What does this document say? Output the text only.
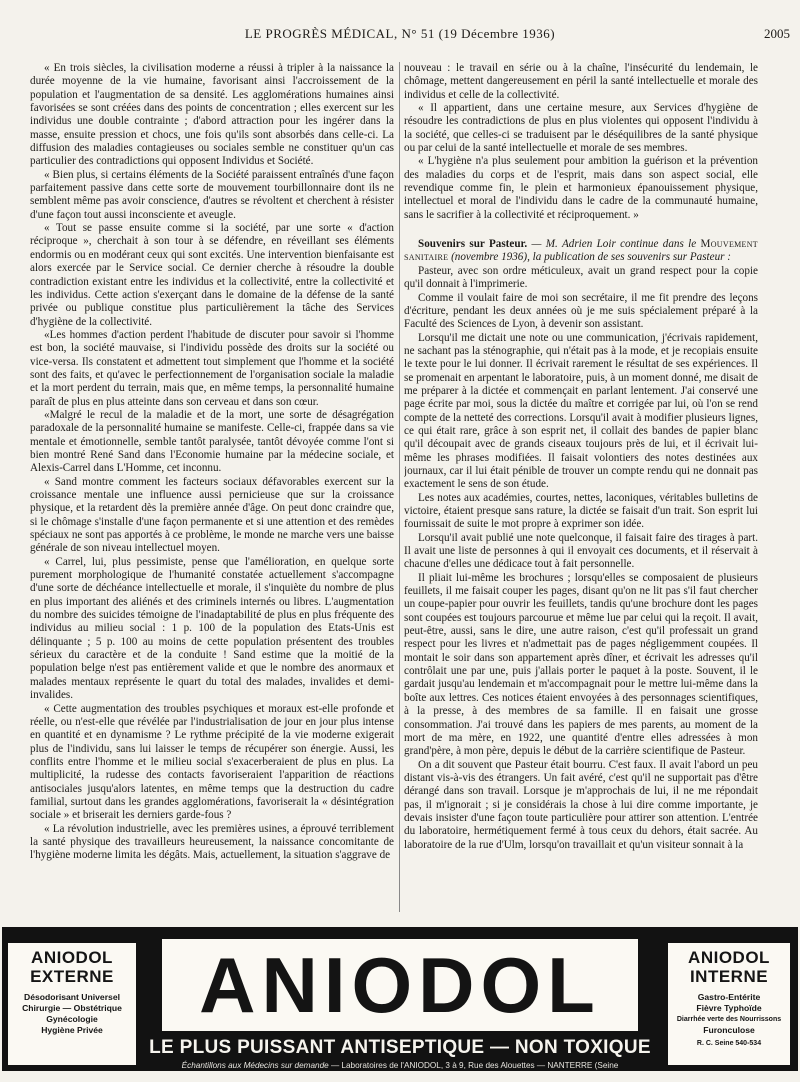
LE PROGRÈS MÉDICAL, N° 51 (19 Décembre 1936)	2005

« En trois siècles, la civilisation moderne a réussi à tripler à la naissance la durée moyenne de la vie humaine, favorisant ainsi l'accroissement de la population et l'augmentation de sa densité. Les agglomérations humaines ainsi favorisées se sont créées dans des points de concentration ; elles exercent sur les individus une double contrainte ; d'abord attraction pour les ingérer dans la masse, ensuite pression et chocs, une fois qu'ils sont absorbés dans celle-ci. La diffusion des maladies contagieuses ou sociales semble ne constituer qu'un cas particulier des contradictions qui opposent Individus et Société.

« Bien plus, si certains éléments de la Société paraissent entraînés d'une façon parfaitement passive dans cette sorte de mouvement tourbillonnaire dont ils ne semblent même pas avoir conscience, d'autres se révoltent et cherchent à résister d'une façon tout aussi inconsciente et aveugle.

« Tout se passe ensuite comme si la société, par une sorte « d'action réciproque », cherchait à son tour à se défendre, en réveillant ses éléments endormis ou en modérant ceux qui sont excités. Une intervention bienfaisante est alors exercée par le Service social. Ce dernier cherche à résoudre la double contradiction existant entre les individus et la collectivité, entre la collectivité et les individus. Cette action s'exerçant dans le domaine de la défense de la santé privée ou publique constitue plus particulièrement la tâche des Services d'hygiène de la collectivité.

«Les hommes d'action perdent l'habitude de discuter pour savoir si l'homme est bon, la société mauvaise, si l'individu possède des droits sur la société ou vice-versa. Ils constatent et admettent tout simplement que l'homme et la société sont des faits, et qu'avec le perfectionnement de l'organisation sociale la maladie et la mort perdent du terrain, mais que, en même temps, la personnalité humaine paraît de plus en plus atteinte dans son cerveau et dans son cœur.

«Malgré le recul de la maladie et de la mort, une sorte de désagrégation paradoxale de la personnalité humaine se manifeste. Celle-ci, frappée dans sa vie mentale et émotionnelle, semble tantôt paralysée, tantôt dévoyée comme l'ont si bien montré René Sand dans l'Economie humaine par la médecine sociale, et Alexis-Carrel dans L'Homme, cet inconnu.

« Sand montre comment les facteurs sociaux défavorables exercent sur la croissance mentale une influence aussi pernicieuse que sur la croissance physique, et la retardent dès la première année d'âge. On peut donc craindre que, si le chômage s'installe d'une façon permanente et si une attention et des remèdes spéciaux ne sont pas apportés à ce problème, le monde ne marche vers une baisse générale de son niveau intellectuel moyen.

« Carrel, lui, plus pessimiste, pense que l'amélioration, en quelque sorte purement morphologique de l'humanité constatée actuellement s'accompagne d'une sorte de déchéance intellectuelle et morale, il s'inquiète du nombre de plus en plus important des aliénés et des criminels internés ou libres. L'augmentation du nombre des suicides témoigne de l'inadaptabilité de plus en plus fréquente des individus au milieu social : 1 p. 100 de la population des Etats-Unis est délinquante ; 5 p. 100 au moins de cette population présentent des troubles sérieux du caractère et de la conduite ! Sand estime que la moitié de la population belge n'est pas entièrement valide et que le nombre des anormaux et malades mentaux représente le quart du total des malades, invalides et demi-invalides.

« Cette augmentation des troubles psychiques et moraux est-elle profonde et réelle, ou n'est-elle que révélée par l'industrialisation de jour en jour plus intense en quantité et en dynamisme ? Le rythme précipité de la vie moderne exigerait plus de l'individu, sans lui laisser le temps de récupérer son énergie. Aussi, les conflits entre l'homme et le milieu social s'exacerberaient de plus en plus. La multiplicité, la rudesse des contacts favoriseraient l'apparition de réactions antisociales jusqu'alors latentes, en même temps que la destruction du cadre familial, surtout dans les grandes agglomérations, favoriserait la « désintégration sociale » et briserait les derniers garde-fous ?

« La révolution industrielle, avec les premières usines, a éprouvé terriblement la santé physique des travailleurs heureusement, la naissance concomitante de l'hygiène moderne limita les dégâts. Mais, actuellement, la situation s'aggrave de

nouveau : le travail en série ou à la chaîne, l'insécurité du lendemain, le chômage, mettent dangereusement en péril la santé intellectuelle et morale des individus et celle de la collectivité.

« Il appartient, dans une certaine mesure, aux Services d'hygiène de résoudre les contradictions de plus en plus violentes qui opposent l'individu à la société, que celles-ci se traduisent par le déséquilibres de la santé physique ou par celui de la santé intellectuelle et morale de ses membres.

« L'hygiène n'a plus seulement pour ambition la guérison et la prévention des maladies du corps et de l'esprit, mais dans son aspect social, elle revendique comme fin, le plein et harmonieux épanouissement physique, intellectuel et moral de l'individu dans le cadre de la communauté humaine, sans le sacrifier à la collectivité et réciproquement. »

Souvenirs sur Pasteur. — M. Adrien Loir continue dans le Mouvement sanitaire (novembre 1936), la publication de ses souvenirs sur Pasteur :

Pasteur, avec son ordre méticuleux, avait un grand respect pour la copie qu'il donnait à l'imprimerie.

Comme il voulait faire de moi son secrétaire, il me fit prendre des leçons d'écriture, pendant les deux années où je me suis spécialement préparé à la Faculté des Sciences de Lyon, à devenir son assistant.

Lorsqu'il me dictait une note ou une communication, j'écrivais rapidement, ne sachant pas la sténographie, qui n'était pas à la mode, et je recopiais ensuite le texte pour le lui donner. Il écrivait rarement le résultat de ses expériences. Il se promenait en arpentant le laboratoire, puis, à un moment donné, me disait de me préparer à la dictée et commençait en parlant lentement. J'ai conservé une page écrite par moi, sous la dictée du maître et corrigée par lui, où l'on se rend compte de la netteté des corrections. Lorsqu'il avait à modifier plusieurs lignes, ce qui était rare, grâce à son esprit net, il collait des bandes de papier blanc qu'il découpait avec de grands ciseaux toujours près de lui, et il écrivait lui-même les phrases modifiées. Il faisait volontiers des notes destinées aux journaux, car il lui était pénible de trouver un compte rendu qui ne donnait pas exactement le sens de son étude.

Les notes aux académies, courtes, nettes, laconiques, véritables bulletins de victoire, étaient presque sans rature, la dictée se faisait d'un trait. Son esprit lui fournissait de suite le mot propre à exprimer son idée.

Lorsqu'il avait publié une note quelconque, il faisait faire des tirages à part. Il avait une liste de personnes à qui il envoyait ces documents, et il réservait à chacune d'elles une dédicace tout à fait personnelle.

Il pliait lui-même les brochures ; lorsqu'elles se composaient de plusieurs feuillets, il me faisait couper les pages, disant qu'on ne lit pas s'il faut chercher un coupe-papier pour ouvrir les feuillets, tandis qu'une brochure dont les pages sont coupées est toujours parcourue et même lue par celui qui la reçoit. Il avait, peut-être, aussi, sans le dire, une autre raison, c'est qu'il professait un grand respect pour les livres et n'admettait pas de pages négligemment coupées. Il montait le soir dans son appartement après dîner, et écrivait les adresses qu'il contrôlait une par une, puis j'allais porter le paquet à la poste. Souvent, il le gardait jusqu'au lendemain et m'accompagnait pour le mettre lui-même dans la boîte aux lettres. Ces notices étaient envoyées à des personnages scientifiques, à la presse, à des membres de sa famille. Il en faisait une grosse consommation. J'ai trouvé dans les papiers de mes parents, au moment de la mort de ma mère, en 1922, une quantité d'entre elles adressées à mon grand'père, à mon père, depuis le début de la carrière scientifique de Pasteur.

On a dit souvent que Pasteur était bourru. C'est faux. Il avait l'abord un peu distant vis-à-vis des étrangers. Un fait avéré, c'est qu'il ne supportait pas d'être dérangé dans son travail. Lorsque je m'approchais de lui, il ne me répondait pas, il m'ignorait ; si je considérais la chose à lui dire comme importante, je devais insister d'une façon toute particulière pour attirer son attention. L'entrée du laboratoire, hermétiquement fermé à tous ceux du dehors, était sacrée. Au laboratoire de la rue d'Ulm, lorsqu'on travaillait et qu'un visiteur sonnait à la

ANIODOL
EXTERNE
Désodorisant Universel
Chirurgie — Obstétrique
Gynécologie
Hygiène Privée
ANIODOL
LE PLUS PUISSANT ANTISEPTIQUE — NON TOXIQUE
Échantillons aux Médecins sur demande — Laboratoires de l'ANIODOL, 3 à 9, Rue des Alouettes — NANTERRE (Seine
ANIODOL
INTERNE
Gastro-Entérite
Fièvre Typhoïde
Diarrhée verte des Nourrissons
Furonculose
R. C. Seine 540-534
